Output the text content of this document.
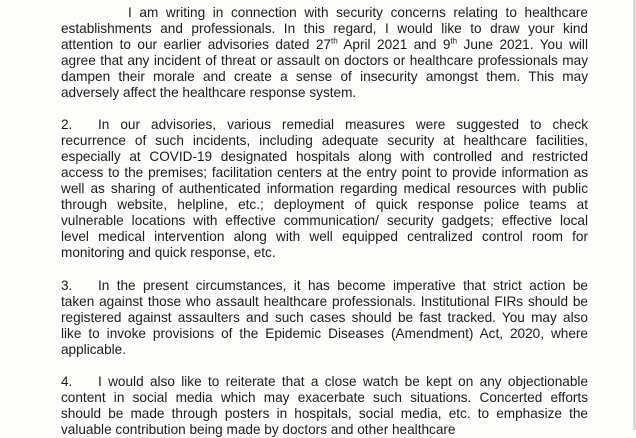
I am writing in connection with security concerns relating to healthcare
establishments and professionals. In this regard, I would like to draw your kind
attention to our earlier advisories dated 27th April 2021 and 9th June 2021. You will
agree that any incident of threat or assault on doctors or healthcare professionals may
dampen their morale and create a sense of insecurity amongst them. This may
adversely affect the healthcare response system.
2. In our advisories, various remedial measures were suggested to check
recurrence of such incidents, including adequate security at healthcare facilities,
especially at COVID-19 designated hospitals along with controlled and restricted
access to the premises; facilitation centers at the entry point to provide information as
well as sharing of authenticated information regarding medical resources with public
through website, helpline, etc.; deployment of quick response police teams at
vulnerable locations with effective communication/ security gadgets; effective local
level medical intervention along with well equipped centralized control room for
monitoring and quick response, etc.
3. In the present circumstances, it has become imperative that strict action be
taken against those who assault healthcare professionals. Institutional FIRs should be
registered against assaulters and such cases should be fast tracked. You may also
like to invoke provisions of the Epidemic Diseases (Amendment) Act, 2020, where
applicable.
4. I would also like to reiterate that a close watch be kept on any objectionable
content in social media which may exacerbate such situations. Concerted efforts
should be made through posters in hospitals, social media, etc. to emphasize the
valuable contribution being made by doctors and other healthcare
